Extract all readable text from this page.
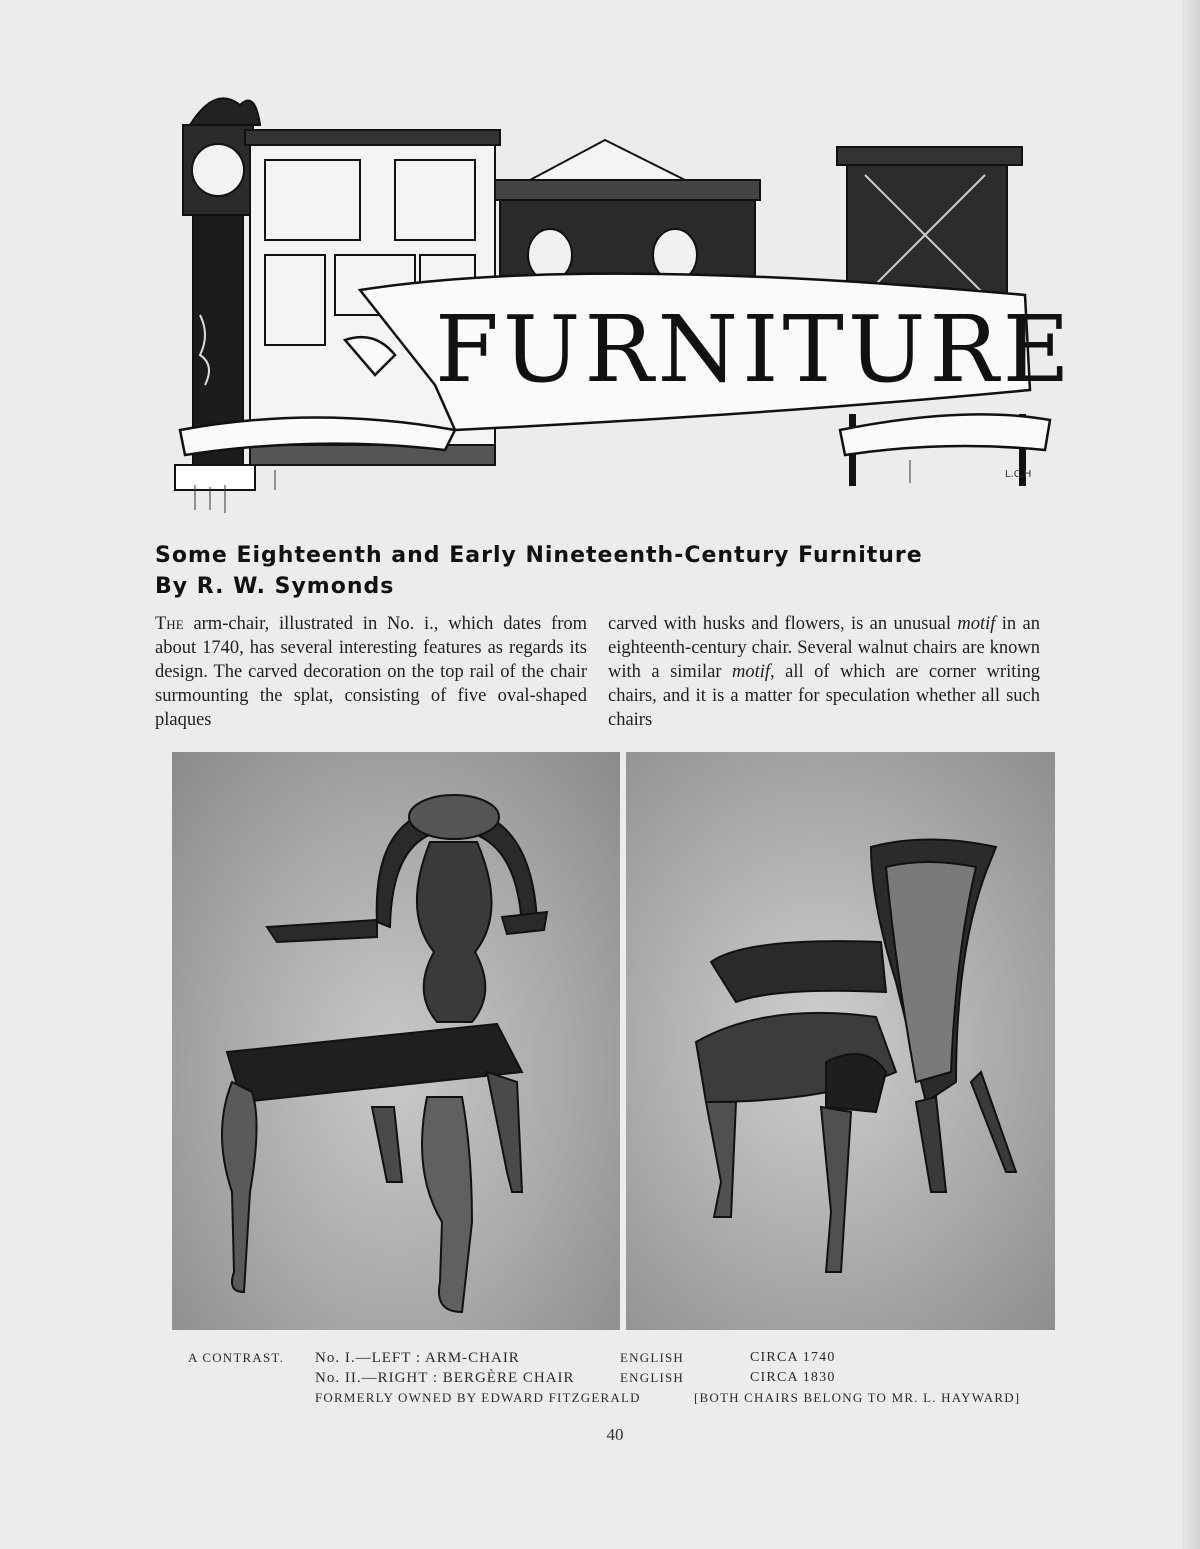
L.C.H
FURNITURE
Some Eighteenth and Early Nineteenth-Century Furniture
By R. W. Symonds
The arm-chair, illustrated in No. i., which dates from about 1740, has several interesting features as regards its design. The carved decoration on the top rail of the chair surmounting the splat, consisting of five oval-shaped plaques
carved with husks and flowers, is an unusual motif in an eighteenth-century chair. Several walnut chairs are known with a similar motif, all of which are corner writing chairs, and it is a matter for speculation whether all such chairs
A CONTRAST. No. I.—LEFT : ARM-CHAIR	ENGLISH	CIRCA 1740
No. II.—RIGHT : BERGÈRE CHAIR	ENGLISH	CIRCA 1830
FORMERLY OWNED BY EDWARD FITZGERALD	[BOTH CHAIRS BELONG TO MR. L. HAYWARD]
40
